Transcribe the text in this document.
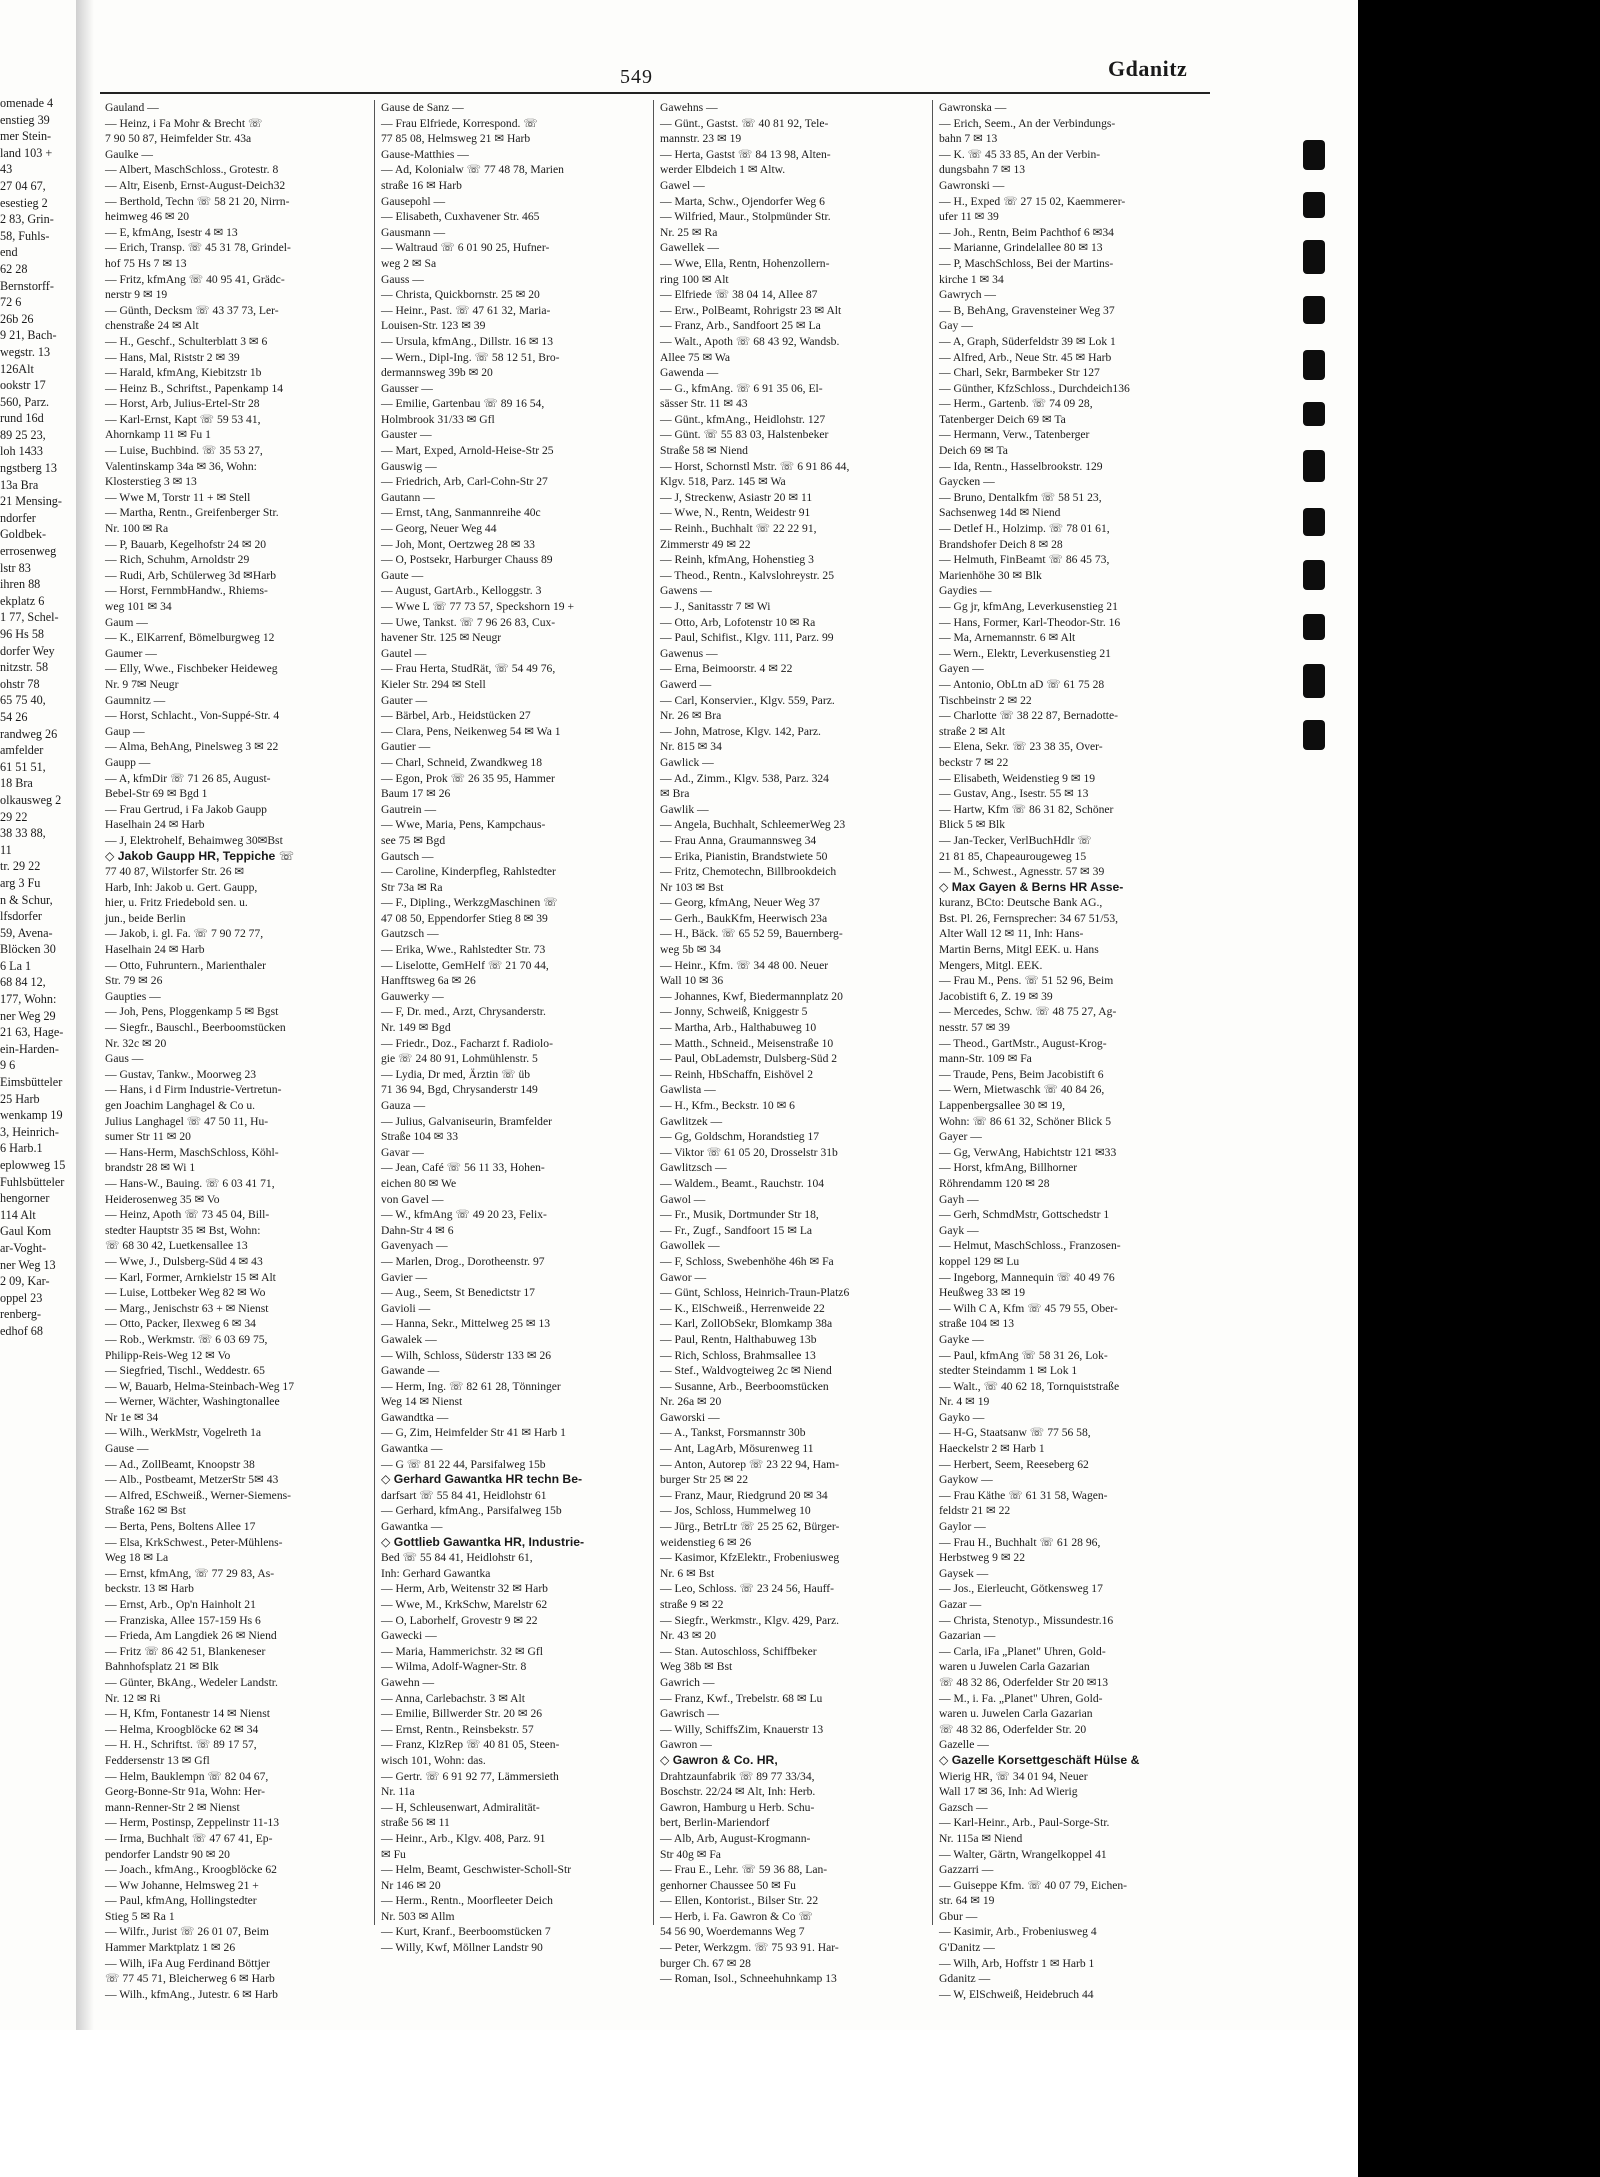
omenade 4
enstieg 39
mer Stein-
land 103 +
43
27 04 67,
esestieg 2
2 83, Grin-
58, Fuhls-
end
62 28
Bernstorff-
72 6
26b 26
9 21, Bach-
wegstr. 13
126Alt
ookstr 17
560, Parz.
rund 16d
89 25 23,
loh 1433
ngstberg 13
13a Bra
21 Mensing-
ndorfer
Goldbek-
errosenweg
lstr 83
ihren 88
ekplatz 6
1 77, Schel-
96 Hs 58
dorfer Wey
nitzstr. 58
ohstr 78
65 75 40,
54 26
randweg 26
amfelder
61 51 51,
18 Bra
olkausweg 2
29 22
38 33 88,
11
tr. 29 22
arg 3 Fu
n & Schur,
lfsdorfer
59, Avena-
Blöcken 30
6 La 1
68 84 12,
177, Wohn:
ner Weg 29
21 63, Hage-
ein-Harden-
9 6
Eimsbütteler
25 Harb
wenkamp 19
3, Heinrich-
6 Harb.1
eplowweg 15
Fuhlsbütteler
hengorner
114 Alt
Gaul Kom
ar-Voght-
ner Weg 13
2 09, Kar-
oppel 23
renberg-
edhof 68
549	Gdanitz
Gauland —
— Heinz, i Fa Mohr & Brecht ☏
7 90 50 87, Heimfelder Str. 43a
Gaulke —
— Albert, MaschSchloss., Grotestr. 8
— Altr, Eisenb, Ernst-August-Deich32
— Berthold, Techn ☏ 58 21 20, Nirrn-
heimweg 46 ✉ 20
— E, kfmAng, Isestr 4 ✉ 13
— Erich, Transp. ☏ 45 31 78, Grindel-
hof 75 Hs 7 ✉ 13
— Fritz, kfmAng ☏ 40 95 41, Grädc-
nerstr 9 ✉ 19
— Günth, Decksm ☏ 43 37 73, Ler-
chenstraße 24 ✉ Alt
— H., Geschf., Schulterblatt 3 ✉ 6
— Hans, Mal, Riststr 2 ✉ 39
— Harald, kfmAng, Kiebitzstr 1b
— Heinz B., Schriftst., Papenkamp 14
— Horst, Arb, Julius-Ertel-Str 28
— Karl-Ernst, Kapt ☏ 59 53 41,
Ahornkamp 11 ✉ Fu 1
— Luise, Buchbind. ☏ 35 53 27,
Valentinskamp 34a ✉ 36, Wohn:
Klosterstieg 3 ✉ 13
— Wwe M, Torstr 11 + ✉ Stell
— Martha, Rentn., Greifenberger Str.
Nr. 100 ✉ Ra
— P, Bauarb, Kegelhofstr 24 ✉ 20
— Rich, Schuhm, Arnoldstr 29
— Rudi, Arb, Schülerweg 3d ✉Harb
— Horst, FernmbHandw., Rhiems-
weg 101 ✉ 34
Gaum —
— K., ElKarrenf, Bömelburgweg 12
Gaumer —
— Elly, Wwe., Fischbeker Heideweg
Nr. 9 7✉ Neugr
Gaumnitz —
— Horst, Schlacht., Von-Suppé-Str. 4
Gaup —
— Alma, BehAng, Pinelsweg 3 ✉ 22
Gaupp —
— A, kfmDir ☏ 71 26 85, August-
Bebel-Str 69 ✉ Bgd 1
— Frau Gertrud, i Fa Jakob Gaupp
Haselhain 24 ✉ Harb
— J, Elektrohelf, Behaimweg 30✉Bst
◇ Jakob Gaupp HR, Teppiche ☏
77 40 87, Wilstorfer Str. 26 ✉
Harb, Inh: Jakob u. Gert. Gaupp,
hier, u. Fritz Friedebold sen. u.
jun., beide Berlin
— Jakob, i. gl. Fa. ☏ 7 90 72 77,
Haselhain 24 ✉ Harb
— Otto, Fuhruntern., Marienthaler
Str. 79 ✉ 26
Gaupties —
— Joh, Pens, Ploggenkamp 5 ✉ Bgst
— Siegfr., Bauschl., Beerboomstücken
Nr. 32c ✉ 20
Gaus —
— Gustav, Tankw., Moorweg 23
— Hans, i d Firm Industrie-Vertretun-
gen Joachim Langhagel & Co u.
Julius Langhagel ☏ 47 50 11, Hu-
sumer Str 11 ✉ 20
— Hans-Herm, MaschSchloss, Köhl-
brandstr 28 ✉ Wi 1
— Hans-W., Bauing. ☏ 6 03 41 71,
Heiderosenweg 35 ✉ Vo
— Heinz, Apoth ☏ 73 45 04, Bill-
stedter Hauptstr 35 ✉ Bst, Wohn:
☏ 68 30 42, Luetkensallee 13
— Wwe, J., Dulsberg-Süd 4 ✉ 43
— Karl, Former, Arnkielstr 15 ✉ Alt
— Luise, Lottbeker Weg 82 ✉ Wo
— Marg., Jenischstr 63 + ✉ Nienst
— Otto, Packer, Ilexweg 6 ✉ 34
— Rob., Werkmstr. ☏ 6 03 69 75,
Philipp-Reis-Weg 12 ✉ Vo
— Siegfried, Tischl., Weddestr. 65
— W, Bauarb, Helma-Steinbach-Weg 17
— Werner, Wächter, Washingtonallee
Nr 1e ✉ 34
— Wilh., WerkMstr, Vogelreth 1a
Gause —
— Ad., ZollBeamt, Knoopstr 38
— Alb., Postbeamt, MetzerStr 5✉ 43
— Alfred, ESchweiß., Werner-Siemens-
Straße 162 ✉ Bst
— Berta, Pens, Boltens Allee 17
— Elsa, KrkSchwest., Peter-Mühlens-
Weg 18 ✉ La
— Ernst, kfmAng, ☏ 77 29 83, As-
beckstr. 13 ✉ Harb
— Ernst, Arb., Op'n Hainholt 21
— Franziska, Allee 157-159 Hs 6
— Frieda, Am Langdiek 26 ✉ Niend
— Fritz ☏ 86 42 51, Blankeneser
Bahnhofsplatz 21 ✉ Blk
— Günter, BkAng., Wedeler Landstr.
Nr. 12 ✉ Ri
— H, Kfm, Fontanestr 14 ✉ Nienst
— Helma, Kroogblöcke 62 ✉ 34
— H. H., Schriftst. ☏ 89 17 57,
Feddersenstr 13 ✉ Gfl
— Helm, Bauklempn ☏ 82 04 67,
Georg-Bonne-Str 91a, Wohn: Her-
mann-Renner-Str 2 ✉ Nienst
— Herm, Postinsp, Zeppelinstr 11-13
— Irma, Buchhalt ☏ 47 67 41, Ep-
pendorfer Landstr 90 ✉ 20
— Joach., kfmAng., Kroogblöcke 62
— Ww Johanne, Helmsweg 21 +
— Paul, kfmAng, Hollingstedter
Stieg 5 ✉ Ra 1
— Wilfr., Jurist ☏ 26 01 07, Beim
Hammer Marktplatz 1 ✉ 26
— Wilh, iFa Aug Ferdinand Böttjer
☏ 77 45 71, Bleicherweg 6 ✉ Harb
— Wilh., kfmAng., Jutestr. 6 ✉ Harb
Gause de Sanz —
— Frau Elfriede, Korrespond. ☏
77 85 08, Helmsweg 21 ✉ Harb
Gause-Matthies —
— Ad, Kolonialw ☏ 77 48 78, Marien
straße 16 ✉ Harb
Gausepohl —
— Elisabeth, Cuxhavener Str. 465
Gausmann —
— Waltraud ☏ 6 01 90 25, Hufner-
weg 2 ✉ Sa
Gauss —
— Christa, Quickbornstr. 25 ✉ 20
— Heinr., Past. ☏ 47 61 32, Maria-
Louisen-Str. 123 ✉ 39
— Ursula, kfmAng., Dillstr. 16 ✉ 13
— Wern., Dipl-Ing. ☏ 58 12 51, Bro-
dermannsweg 39b ✉ 20
Gausser —
— Emilie, Gartenbau ☏ 89 16 54,
Holmbrook 31/33 ✉ Gfl
Gauster —
— Mart, Exped, Arnold-Heise-Str 25
Gauswig —
— Friedrich, Arb, Carl-Cohn-Str 27
Gautann —
— Ernst, tAng, Sanmannreihe 40c
— Georg, Neuer Weg 44
— Joh, Mont, Oertzweg 28 ✉ 33
— O, Postsekr, Harburger Chauss 89
Gaute —
— August, GartArb., Kelloggstr. 3
— Wwe L ☏ 77 73 57, Speckshorn 19 +
— Uwe, Tankst. ☏ 7 96 26 83, Cux-
havener Str. 125 ✉ Neugr
Gautel —
— Frau Herta, StudRät, ☏ 54 49 76,
Kieler Str. 294 ✉ Stell
Gauter —
— Bärbel, Arb., Heidstücken 27
— Clara, Pens, Neikenweg 54 ✉ Wa 1
Gautier —
— Charl, Schneid, Zwandkweg 18
— Egon, Prok ☏ 26 35 95, Hammer
Baum 17 ✉ 26
Gautrein —
— Wwe, Maria, Pens, Kampchaus-
see 75 ✉ Bgd
Gautsch —
— Caroline, Kinderpfleg, Rahlstedter
Str 73a ✉ Ra
— F., Dipling., WerkzgMaschinen ☏
47 08 50, Eppendorfer Stieg 8 ✉ 39
Gautzsch —
— Erika, Wwe., Rahlstedter Str. 73
— Liselotte, GemHelf ☏ 21 70 44,
Hanfftsweg 6a ✉ 26
Gauwerky —
— F, Dr. med., Arzt, Chrysanderstr.
Nr. 149 ✉ Bgd
— Friedr., Doz., Facharzt f. Radiolo-
gie ☏ 24 80 91, Lohmühlenstr. 5
— Lydia, Dr med, Ärztin ☏ üb
71 36 94, Bgd, Chrysanderstr 149
Gauza —
— Julius, Galvaniseurin, Bramfelder
Straße 104 ✉ 33
Gavar —
— Jean, Café ☏ 56 11 33, Hohen-
eichen 80 ✉ We
von Gavel —
— W., kfmAng ☏ 49 20 23, Felix-
Dahn-Str 4 ✉ 6
Gavenyach —
— Marlen, Drog., Dorotheenstr. 97
Gavier —
— Aug., Seem, St Benedictstr 17
Gavioli —
— Hanna, Sekr., Mittelweg 25 ✉ 13
Gawalek —
— Wilh, Schloss, Süderstr 133 ✉ 26
Gawande —
— Herm, Ing. ☏ 82 61 28, Tönninger
Weg 14 ✉ Nienst
Gawandtka —
— G, Zim, Heimfelder Str 41 ✉ Harb 1
Gawantka —
— G ☏ 81 22 44, Parsifalweg 15b
◇ Gerhard Gawantka HR techn Be-
darfsart ☏ 55 84 41, Heidlohstr 61
— Gerhard, kfmAng., Parsifalweg 15b
Gawantka —
◇ Gottlieb Gawantka HR, Industrie-
Bed ☏ 55 84 41, Heidlohstr 61,
Inh: Gerhard Gawantka
— Herm, Arb, Weitenstr 32 ✉ Harb
— Wwe, M., KrkSchw, Marelstr 62
— O, Laborhelf, Grovestr 9 ✉ 22
Gawecki —
— Maria, Hammerichstr. 32 ✉ Gfl
— Wilma, Adolf-Wagner-Str. 8
Gawehn —
— Anna, Carlebachstr. 3 ✉ Alt
— Emilie, Billwerder Str. 20 ✉ 26
— Ernst, Rentn., Reinsbekstr. 57
— Franz, KlzRep ☏ 40 81 05, Steen-
wisch 101, Wohn: das.
— Gertr. ☏ 6 91 92 77, Lämmersieth
Nr. 11a
— H, Schleusenwart, Admiralität-
straße 56 ✉ 11
— Heinr., Arb., Klgv. 408, Parz. 91
✉ Fu
— Helm, Beamt, Geschwister-Scholl-Str
Nr 146 ✉ 20
— Herm., Rentn., Moorfleeter Deich
Nr. 503 ✉ Allm
— Kurt, Kranf., Beerboomstücken 7
— Willy, Kwf, Möllner Landstr 90
Gawehns —
— Günt., Gastst. ☏ 40 81 92, Tele-
mannstr. 23 ✉ 19
— Herta, Gastst ☏ 84 13 98, Alten-
werder Elbdeich 1 ✉ Altw.
Gawel —
— Marta, Schw., Ojendorfer Weg 6
— Wilfried, Maur., Stolpmünder Str.
Nr. 25 ✉ Ra
Gawellek —
— Wwe, Ella, Rentn, Hohenzollern-
ring 100 ✉ Alt
— Elfriede ☏ 38 04 14, Allee 87
— Erw., PolBeamt, Rohrigstr 23 ✉ Alt
— Franz, Arb., Sandfoort 25 ✉ La
— Walt., Apoth ☏ 68 43 92, Wandsb.
Allee 75 ✉ Wa
Gawenda —
— G., kfmAng. ☏ 6 91 35 06, El-
sässer Str. 11 ✉ 43
— Günt., kfmAng., Heidlohstr. 127
— Günt. ☏ 55 83 03, Halstenbeker
Straße 58 ✉ Niend
— Horst, Schornstl Mstr. ☏ 6 91 86 44,
Klgv. 518, Parz. 145 ✉ Wa
— J, Streckenw, Asiastr 20 ✉ 11
— Wwe, N., Rentn, Weidestr 91
— Reinh., Buchhalt ☏ 22 22 91,
Zimmerstr 49 ✉ 22
— Reinh, kfmAng, Hohenstieg 3
— Theod., Rentn., Kalvslohreystr. 25
Gawens —
— J., Sanitasstr 7 ✉ Wi
— Otto, Arb, Lofotenstr 10 ✉ Ra
— Paul, Schifist., Klgv. 111, Parz. 99
Gawenus —
— Erna, Beimoorstr. 4 ✉ 22
Gawerd —
— Carl, Konservier., Klgv. 559, Parz.
Nr. 26 ✉ Bra
— John, Matrose, Klgv. 142, Parz.
Nr. 815 ✉ 34
Gawlick —
— Ad., Zimm., Klgv. 538, Parz. 324
✉ Bra
Gawlik —
— Angela, Buchhalt, SchleemerWeg 23
— Frau Anna, Graumannsweg 34
— Erika, Pianistin, Brandstwiete 50
— Fritz, Chemotechn, Billbrookdeich
Nr 103 ✉ Bst
— Georg, kfmAng, Neuer Weg 37
— Gerh., BaukKfm, Heerwisch 23a
— H., Bäck. ☏ 65 52 59, Bauernberg-
weg 5b ✉ 34
— Heinr., Kfm. ☏ 34 48 00. Neuer
Wall 10 ✉ 36
— Johannes, Kwf, Biedermannplatz 20
— Jonny, Schweiß, Kniggestr 5
— Martha, Arb., Halthabuweg 10
— Matth., Schneid., Meisenstraße 10
— Paul, ObLademstr, Dulsberg-Süd 2
— Reinh, HbSchaffn, Eishövel 2
Gawlista —
— H., Kfm., Beckstr. 10 ✉ 6
Gawlitzek —
— Gg, Goldschm, Horandstieg 17
— Viktor ☏ 61 05 20, Drosselstr 31b
Gawlitzsch —
— Waldem., Beamt., Rauchstr. 104
Gawol —
— Fr., Musik, Dortmunder Str 18,
— Fr., Zugf., Sandfoort 15 ✉ La
Gawollek —
— F, Schloss, Swebenhöhe 46h ✉ Fa
Gawor —
— Günt, Schloss, Heinrich-Traun-Platz6
— K., ElSchweiß., Herrenweide 22
— Karl, ZollObSekr, Blomkamp 38a
— Paul, Rentn, Halthabuweg 13b
— Rich, Schloss, Brahmsallee 13
— Stef., Waldvogteiweg 2c ✉ Niend
— Susanne, Arb., Beerboomstücken
Nr. 26a ✉ 20
Gaworski —
— A., Tankst, Forsmannstr 30b
— Ant, LagArb, Mösurenweg 11
— Anton, Autorep ☏ 23 22 94, Ham-
burger Str 25 ✉ 22
— Franz, Maur, Riedgrund 20 ✉ 34
— Jos, Schloss, Hummelweg 10
— Jürg., BetrLtr ☏ 25 25 62, Bürger-
weidenstieg 6 ✉ 26
— Kasimor, KfzElektr., Frobeniusweg
Nr. 6 ✉ Bst
— Leo, Schloss. ☏ 23 24 56, Hauff-
straße 9 ✉ 22
— Siegfr., Werkmstr., Klgv. 429, Parz.
Nr. 43 ✉ 20
— Stan. Autoschloss, Schiffbeker
Weg 38b ✉ Bst
Gawrich —
— Franz, Kwf., Trebelstr. 68 ✉ Lu
Gawrisch —
— Willy, SchiffsZim, Knauerstr 13
Gawron —
◇ Gawron & Co. HR,
Drahtzaunfabrik ☏ 89 77 33/34,
Boschstr. 22/24 ✉ Alt, Inh: Herb.
Gawron, Hamburg u Herb. Schu-
bert, Berlin-Mariendorf
— Alb, Arb, August-Krogmann-
Str 40g ✉ Fa
— Frau E., Lehr. ☏ 59 36 88, Lan-
genhorner Chaussee 50 ✉ Fu
— Ellen, Kontorist., Bilser Str. 22
— Herb, i. Fa. Gawron & Co ☏
54 56 90, Woerdemanns Weg 7
— Peter, Werkzgm. ☏ 75 93 91. Har-
burger Ch. 67 ✉ 28
— Roman, Isol., Schneehuhnkamp 13
Gawronska —
— Erich, Seem., An der Verbindungs-
bahn 7 ✉ 13
— K. ☏ 45 33 85, An der Verbin-
dungsbahn 7 ✉ 13
Gawronski —
— H., Exped ☏ 27 15 02, Kaemmerer-
ufer 11 ✉ 39
— Joh., Rentn, Beim Pachthof 6 ✉34
— Marianne, Grindelallee 80 ✉ 13
— P, MaschSchloss, Bei der Martins-
kirche 1 ✉ 34
Gawrych —
— B, BehAng, Gravensteiner Weg 37
Gay —
— A, Graph, Süderfeldstr 39 ✉ Lok 1
— Alfred, Arb., Neue Str. 45 ✉ Harb
— Charl, Sekr, Barmbeker Str 127
— Günther, KfzSchloss., Durchdeich136
— Herm., Gartenb. ☏ 74 09 28,
Tatenberger Deich 69 ✉ Ta
— Hermann, Verw., Tatenberger
Deich 69 ✉ Ta
— Ida, Rentn., Hasselbrookstr. 129
Gaycken —
— Bruno, Dentalkfm ☏ 58 51 23,
Sachsenweg 14d ✉ Niend
— Detlef H., Holzimp. ☏ 78 01 61,
Brandshofer Deich 8 ✉ 28
— Helmuth, FinBeamt ☏ 86 45 73,
Marienhöhe 30 ✉ Blk
Gaydies —
— Gg jr, kfmAng, Leverkusenstieg 21
— Hans, Former, Karl-Theodor-Str. 16
— Ma, Arnemannstr. 6 ✉ Alt
— Wern., Elektr, Leverkusenstieg 21
Gayen —
— Antonio, ObLtn aD ☏ 61 75 28
Tischbeinstr 2 ✉ 22
— Charlotte ☏ 38 22 87, Bernadotte-
straße 2 ✉ Alt
— Elena, Sekr. ☏ 23 38 35, Over-
beckstr 7 ✉ 22
— Elisabeth, Weidenstieg 9 ✉ 19
— Gustav, Ang., Isestr. 55 ✉ 13
— Hartw, Kfm ☏ 86 31 82, Schöner
Blick 5 ✉ Blk
— Jan-Tecker, VerlBuchHdlr ☏
21 81 85, Chapeaurougeweg 15
— M., Schwest., Agnesstr. 57 ✉ 39
◇ Max Gayen & Berns HR Asse-
kuranz, BCto: Deutsche Bank AG.,
Bst. Pl. 26, Fernsprecher: 34 67 51/53,
Alter Wall 12 ✉ 11, Inh: Hans-
Martin Berns, Mitgl EEK. u. Hans
Mengers, Mitgl. EEK.
— Frau M., Pens. ☏ 51 52 96, Beim
Jacobistift 6, Z. 19 ✉ 39
— Mercedes, Schw. ☏ 48 75 27, Ag-
nesstr. 57 ✉ 39
— Theod., GartMstr., August-Krog-
mann-Str. 109 ✉ Fa
— Traude, Pens, Beim Jacobistift 6
— Wern, Mietwaschk ☏ 40 84 26,
Lappenbergsallee 30 ✉ 19,
Wohn: ☏ 86 61 32, Schöner Blick 5
Gayer —
— Gg, VerwAng, Habichtstr 121 ✉33
— Horst, kfmAng, Billhorner
Röhrendamm 120 ✉ 28
Gayh —
— Gerh, SchmdMstr, Gottschedstr 1
Gayk —
— Helmut, MaschSchloss., Franzosen-
koppel 129 ✉ Lu
— Ingeborg, Mannequin ☏ 40 49 76
Heußweg 33 ✉ 19
— Wilh C A, Kfm ☏ 45 79 55, Ober-
straße 104 ✉ 13
Gayke —
— Paul, kfmAng ☏ 58 31 26, Lok-
stedter Steindamm 1 ✉ Lok 1
— Walt., ☏ 40 62 18, Tornquiststraße
Nr. 4 ✉ 19
Gayko —
— H-G, Staatsanw ☏ 77 56 58,
Haeckelstr 2 ✉ Harb 1
— Herbert, Seem, Reeseberg 62
Gaykow —
— Frau Käthe ☏ 61 31 58, Wagen-
feldstr 21 ✉ 22
Gaylor —
— Frau H., Buchhalt ☏ 61 28 96,
Herbstweg 9 ✉ 22
Gaysek —
— Jos., Eierleucht, Götkensweg 17
Gazar —
— Christa, Stenotyp., Missundestr.16
Gazarian —
— Carla, iFa „Planet" Uhren, Gold-
waren u Juwelen Carla Gazarian
☏ 48 32 86, Oderfelder Str 20 ✉13
— M., i. Fa. „Planet" Uhren, Gold-
waren u. Juwelen Carla Gazarian
☏ 48 32 86, Oderfelder Str. 20
Gazelle —
◇ Gazelle Korsettgeschäft Hülse &
Wierig HR, ☏ 34 01 94, Neuer
Wall 17 ✉ 36, Inh: Ad Wierig
Gazsch —
— Karl-Heinr., Arb., Paul-Sorge-Str.
Nr. 115a ✉ Niend
— Walter, Gärtn, Wrangelkoppel 41
Gazzarri —
— Guiseppe Kfm. ☏ 40 07 79, Eichen-
str. 64 ✉ 19
Gbur —
— Kasimir, Arb., Frobeniusweg 4
G'Danitz —
— Wilh, Arb, Hoffstr 1 ✉ Harb 1
Gdanitz —
— W, ElSchweiß, Heidebruch 44
